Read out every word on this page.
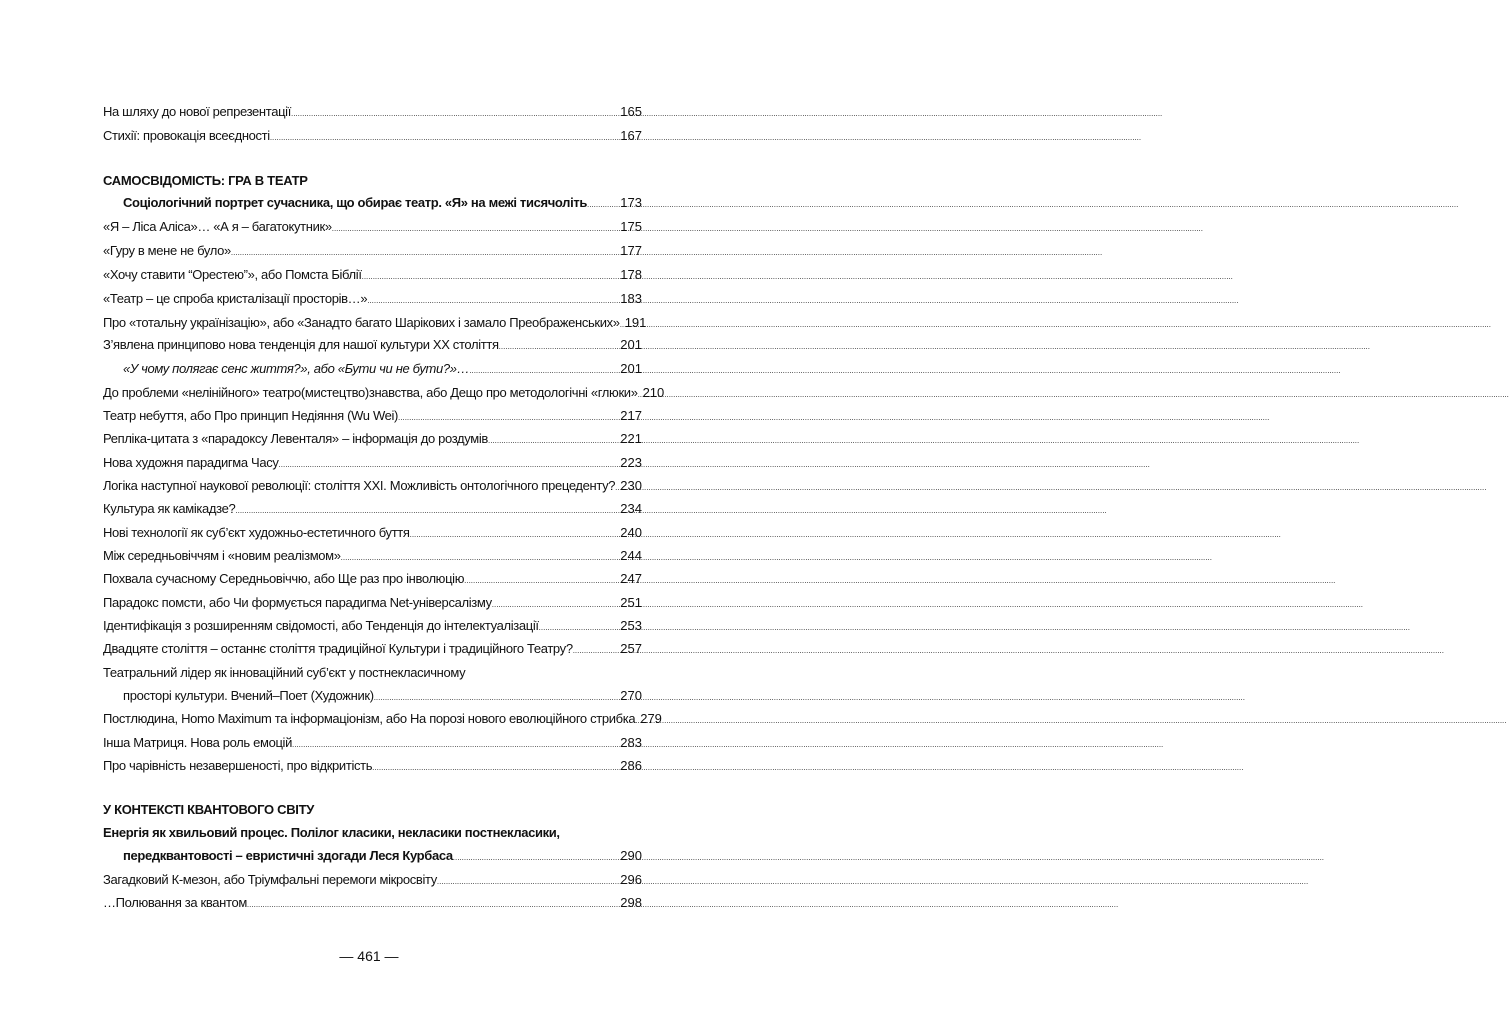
На шляху до нової репрезентації .....	165
Стихії: провокація всеєдності .....	167
САМОСВІДОМІСТЬ: ГРА В ТЕАТР
Соціологічний портрет сучасника, що обирає театр. «Я» на межі тисячоліть .....	173
«Я – Ліса Аліса»… «А я – багатокутник» .....	175
«Гуру в мене не було» .....	177
«Хочу ставити “Орестею”», або Помста Біблії .....	178
«Театр – це спроба кристалізації просторів…» .....	183
Про «тотальну українізацію», або «Занадто багато Шарікових і замало Преображенських» ..... 191
З’явлена принципово нова тенденція для нашої культури XX століття .....	201
«У чому полягає сенс життя?», або «Бути чи не бути?»… .....	201
До проблеми «нелінійного» театро(мистецтво)знавства, або Дещо про методологічні «глюки» ..... 210
Театр небуття, або Про принцип Недіяння (Wu Wei) .....	217
Репліка-цитата з «парадоксу Левенталя» – інформація до роздумів .....	221
Нова художня парадигма Часу .....	223
Логіка наступної наукової революції: століття XXI. Можливість онтологічного прецеденту? ..... 230
Культура як камікадзе? .....	234
Нові технології як суб’єкт художньо-естетичного буття .....	240
Між середньовіччям і «новим реалізмом» .....	244
Похвала сучасному Середньовіччю, або Ще раз про інволюцію .....	247
Парадокс помсти, або Чи формується парадигма Net-універсалізму .....	251
Ідентифікація з розширенням свідомості, або Тенденція до інтелектуалізації .....	253
Двадцяте століття – останнє століття традиційної Культури і традиційного Театру? .....	257
Театральний лідер як інноваційний суб’єкт у постнекласичному
просторі культури. Вчений–Поет (Художник) .....	270
Постлюдина, Homo Maximum та інформаціонізм, або На порозі нового еволюційного стрибка ..... 279
Інша Матриця. Нова роль емоцій .....	283
Про чарівність незавершеності, про відкритість .....	286
У КОНТЕКСТІ КВАНТОВОГО СВІТУ
Енергія як хвильовий процес. Полілог класики, некласики постнекласики,
передквантовості – евристичні здогади Леся Курбаса .....	290
Загадковий К-мезон, або Тріумфальні перемоги мікросвіту .....	296
…Полювання за квантом .....	298
— 461 —
